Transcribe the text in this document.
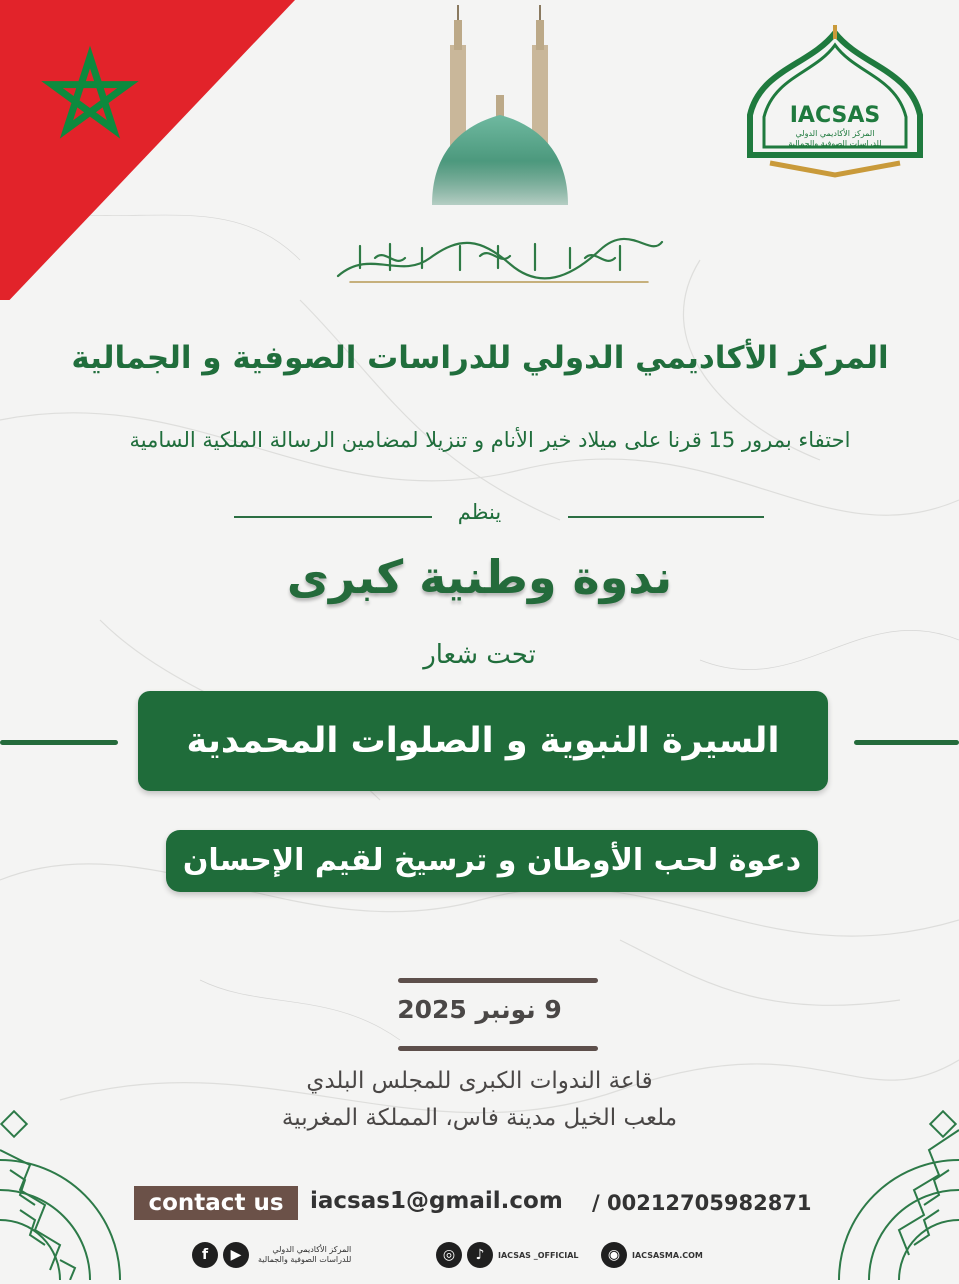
IACSAS
المركز الأكاديمي الدولي
للدراسات الصوفية والجمالية
المركز الأكاديمي الدولي للدراسات الصوفية و الجمالية
احتفاء بمرور 15 قرنا على ميلاد خير الأنام و تنزيلا لمضامين الرسالة الملكية السامية
ينظم
ندوة وطنية كبرى
تحت شعار
السيرة النبوية و الصلوات المحمدية
دعوة لحب الأوطان و ترسيخ لقيم الإحسان
9 نونبر 2025
قاعة الندوات الكبرى للمجلس البلدي
ملعب الخيل مدينة فاس، المملكة المغربية
contact us	iacsas1@gmail.com / 00212705982871
f	▶	المركز الأكاديمي الدولي
للدراسات الصوفية والجمالية	◎	♪	IACSAS _OFFICIAL	◉	IACSASMA.COM
